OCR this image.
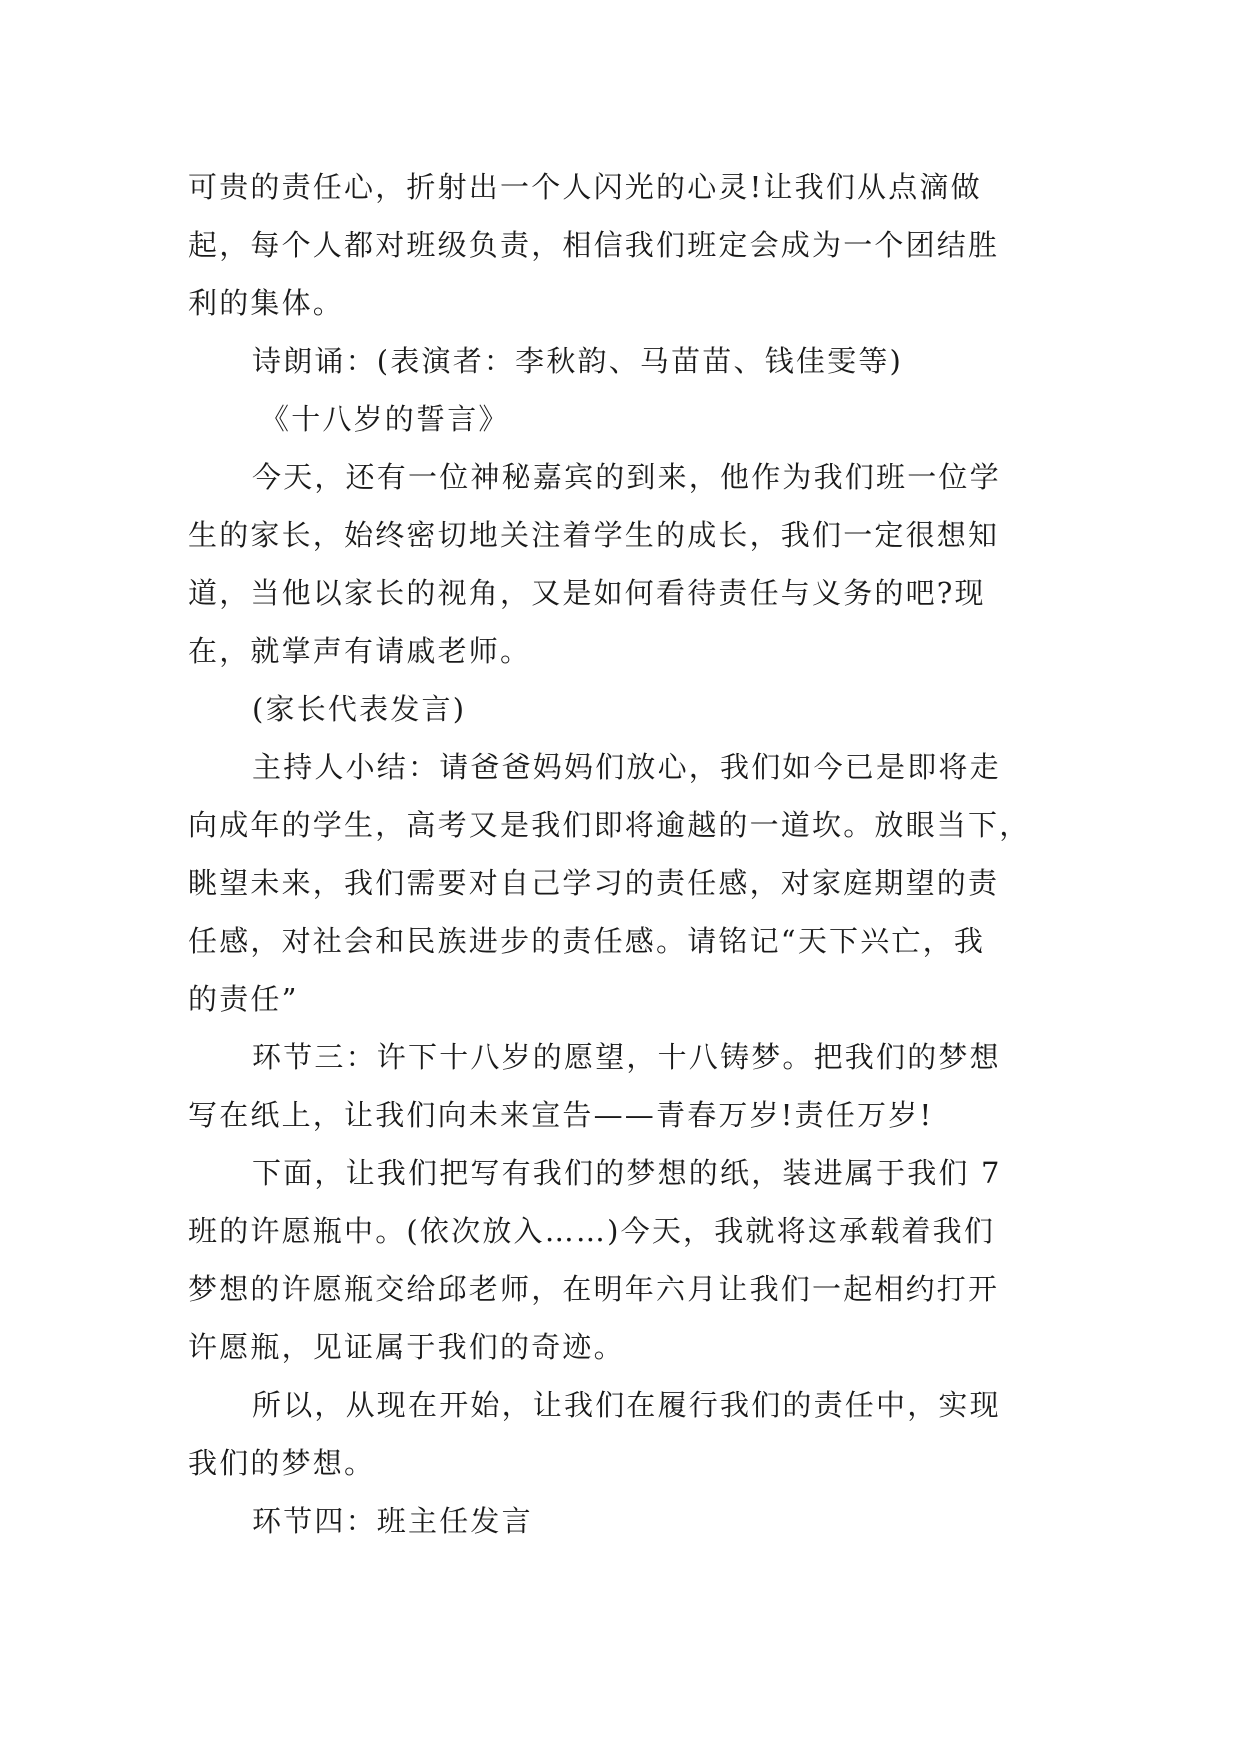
可贵的责任心，折射出一个人闪光的心灵!让我们从点滴做
起，每个人都对班级负责，相信我们班定会成为一个团结胜
利的集体。
诗朗诵：(表演者：李秋韵、马苗苗、钱佳雯等)
《十八岁的誓言》
今天，还有一位神秘嘉宾的到来，他作为我们班一位学
生的家长，始终密切地关注着学生的成长，我们一定很想知
道，当他以家长的视角，又是如何看待责任与义务的吧?现
在，就掌声有请戚老师。
(家长代表发言)
主持人小结：请爸爸妈妈们放心，我们如今已是即将走
向成年的学生，高考又是我们即将逾越的一道坎。放眼当下，
眺望未来，我们需要对自己学习的责任感，对家庭期望的责
任感，对社会和民族进步的责任感。请铭记“天下兴亡，我
的责任”
环节三：许下十八岁的愿望，十八铸梦。把我们的梦想
写在纸上，让我们向未来宣告——青春万岁!责任万岁!
下面，让我们把写有我们的梦想的纸，装进属于我们 7
班的许愿瓶中。(依次放入……)今天，我就将这承载着我们
梦想的许愿瓶交给邱老师，在明年六月让我们一起相约打开
许愿瓶，见证属于我们的奇迹。
所以，从现在开始，让我们在履行我们的责任中，实现
我们的梦想。
环节四：班主任发言
